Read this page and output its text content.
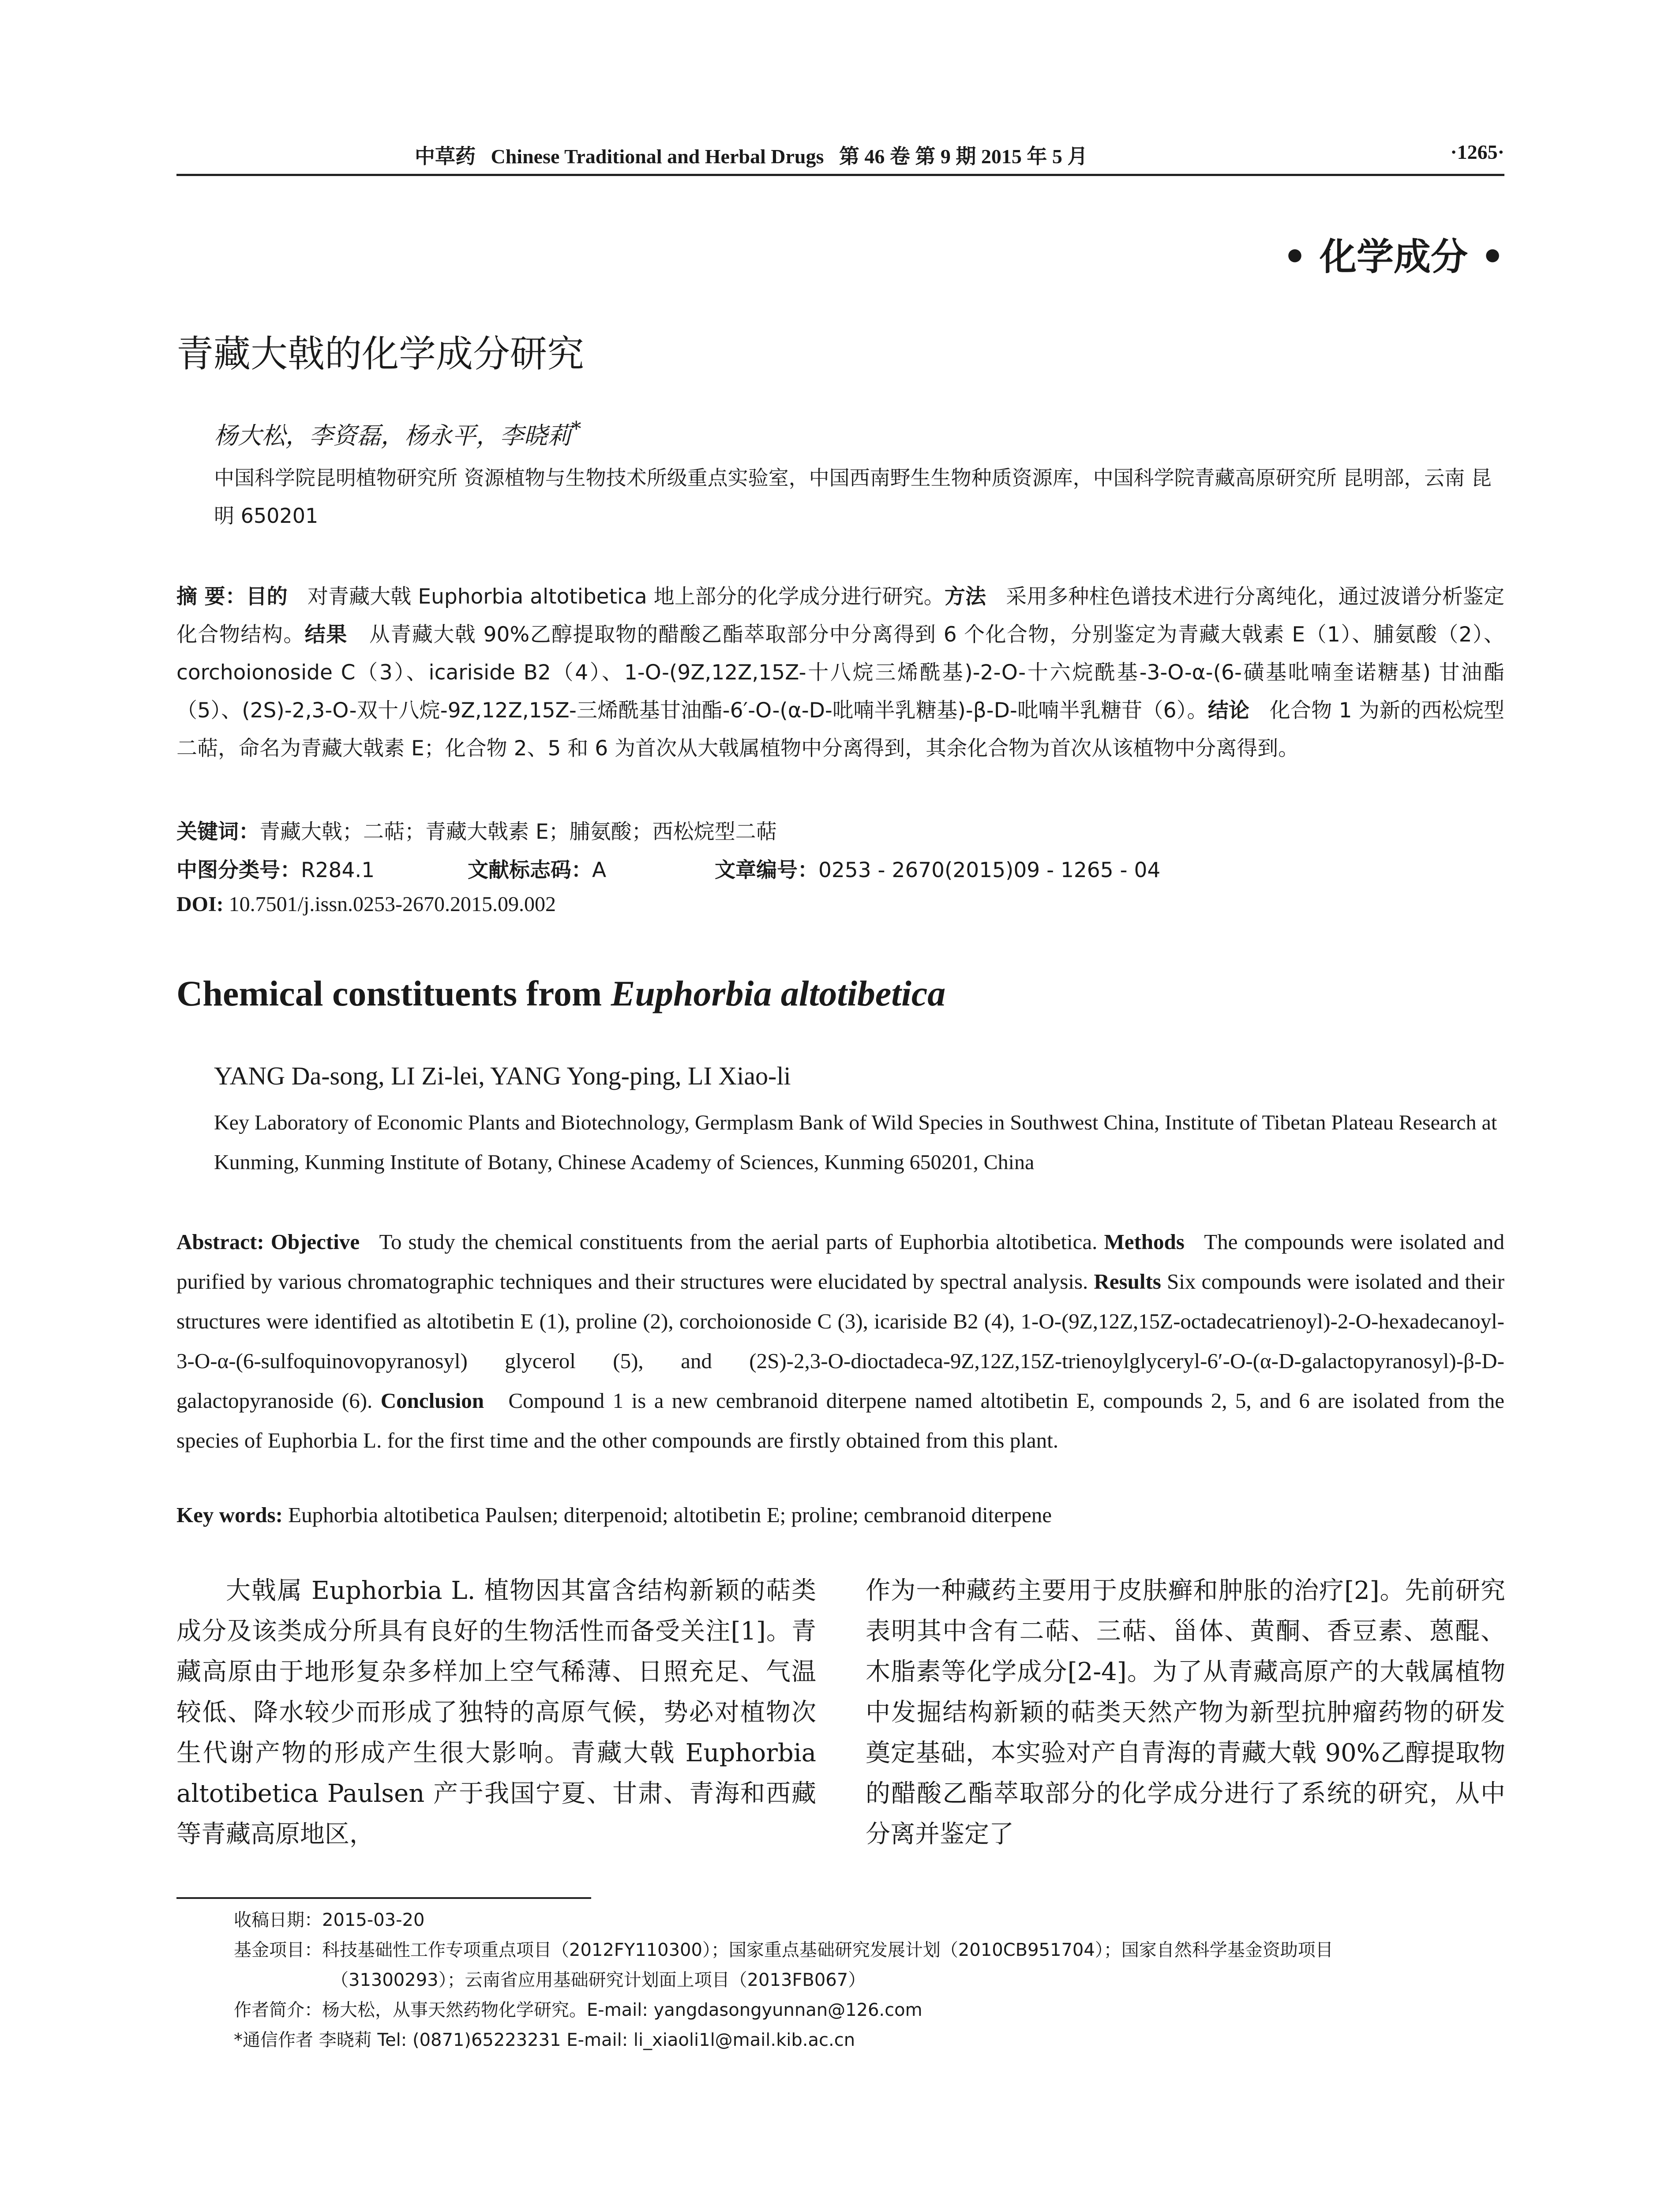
中草药 Chinese Traditional and Herbal Drugs 第 46 卷 第 9 期 2015 年 5 月	·1265·
• 化学成分 •
青藏大戟的化学成分研究
杨大松，李资磊，杨永平，李晓莉*
中国科学院昆明植物研究所 资源植物与生物技术所级重点实验室，中国西南野生生物种质资源库，中国科学院青藏高原研究所 昆明部，云南 昆明 650201
摘 要：目的 对青藏大戟 Euphorbia altotibetica 地上部分的化学成分进行研究。方法 采用多种柱色谱技术进行分离纯化，通过波谱分析鉴定化合物结构。结果 从青藏大戟 90%乙醇提取物的醋酸乙酯萃取部分中分离得到 6 个化合物，分别鉴定为青藏大戟素 E（1）、脯氨酸（2）、corchoionoside C（3）、icariside B2（4）、1-O-(9Z,12Z,15Z-十八烷三烯酰基)-2-O-十六烷酰基-3-O-α-(6-磺基吡喃奎诺糖基) 甘油酯（5）、(2S)-2,3-O-双十八烷-9Z,12Z,15Z-三烯酰基甘油酯-6′-O-(α-D-吡喃半乳糖基)-β-D-吡喃半乳糖苷（6）。结论 化合物 1 为新的西松烷型二萜，命名为青藏大戟素 E；化合物 2、5 和 6 为首次从大戟属植物中分离得到，其余化合物为首次从该植物中分离得到。
关键词：青藏大戟；二萜；青藏大戟素 E；脯氨酸；西松烷型二萜
中图分类号：R284.1	文献标志码：A	文章编号：0253 - 2670(2015)09 - 1265 - 04
DOI: 10.7501/j.issn.0253-2670.2015.09.002
Chemical constituents from Euphorbia altotibetica
YANG Da-song, LI Zi-lei, YANG Yong-ping, LI Xiao-li
Key Laboratory of Economic Plants and Biotechnology, Germplasm Bank of Wild Species in Southwest China, Institute of Tibetan Plateau Research at Kunming, Kunming Institute of Botany, Chinese Academy of Sciences, Kunming 650201, China
Abstract: Objective To study the chemical constituents from the aerial parts of Euphorbia altotibetica. Methods The compounds were isolated and purified by various chromatographic techniques and their structures were elucidated by spectral analysis. Results Six compounds were isolated and their structures were identified as altotibetin E (1), proline (2), corchoionoside C (3), icariside B2 (4), 1-O-(9Z,12Z,15Z-octadecatrienoyl)-2-O-hexadecanoyl-3-O-α-(6-sulfoquinovopyranosyl) glycerol (5), and (2S)-2,3-O-dioctadeca-9Z,12Z,15Z-trienoylglyceryl-6′-O-(α-D-galactopyranosyl)-β-D-galactopyranoside (6). Conclusion Compound 1 is a new cembranoid diterpene named altotibetin E, compounds 2, 5, and 6 are isolated from the species of Euphorbia L. for the first time and the other compounds are firstly obtained from this plant.
Key words: Euphorbia altotibetica Paulsen; diterpenoid; altotibetin E; proline; cembranoid diterpene
大戟属 Euphorbia L. 植物因其富含结构新颖的萜类成分及该类成分所具有良好的生物活性而备受关注[1]。青藏高原由于地形复杂多样加上空气稀薄、日照充足、气温较低、降水较少而形成了独特的高原气候，势必对植物次生代谢产物的形成产生很大影响。青藏大戟 Euphorbia altotibetica Paulsen 产于我国宁夏、甘肃、青海和西藏等青藏高原地区，
作为一种藏药主要用于皮肤癣和肿胀的治疗[2]。先前研究表明其中含有二萜、三萜、甾体、黄酮、香豆素、蒽醌、木脂素等化学成分[2-4]。为了从青藏高原产的大戟属植物中发掘结构新颖的萜类天然产物为新型抗肿瘤药物的研发奠定基础，本实验对产自青海的青藏大戟 90%乙醇提取物的醋酸乙酯萃取部分的化学成分进行了系统的研究，从中分离并鉴定了
收稿日期：2015-03-20
基金项目：科技基础性工作专项重点项目（2012FY110300）；国家重点基础研究发展计划（2010CB951704）；国家自然科学基金资助项目
（31300293）；云南省应用基础研究计划面上项目（2013FB067）
作者简介：杨大松，从事天然药物化学研究。E-mail: yangdasongyunnan@126.com
*通信作者 李晓莉 Tel: (0871)65223231 E-mail: li_xiaoli1l@mail.kib.ac.cn
